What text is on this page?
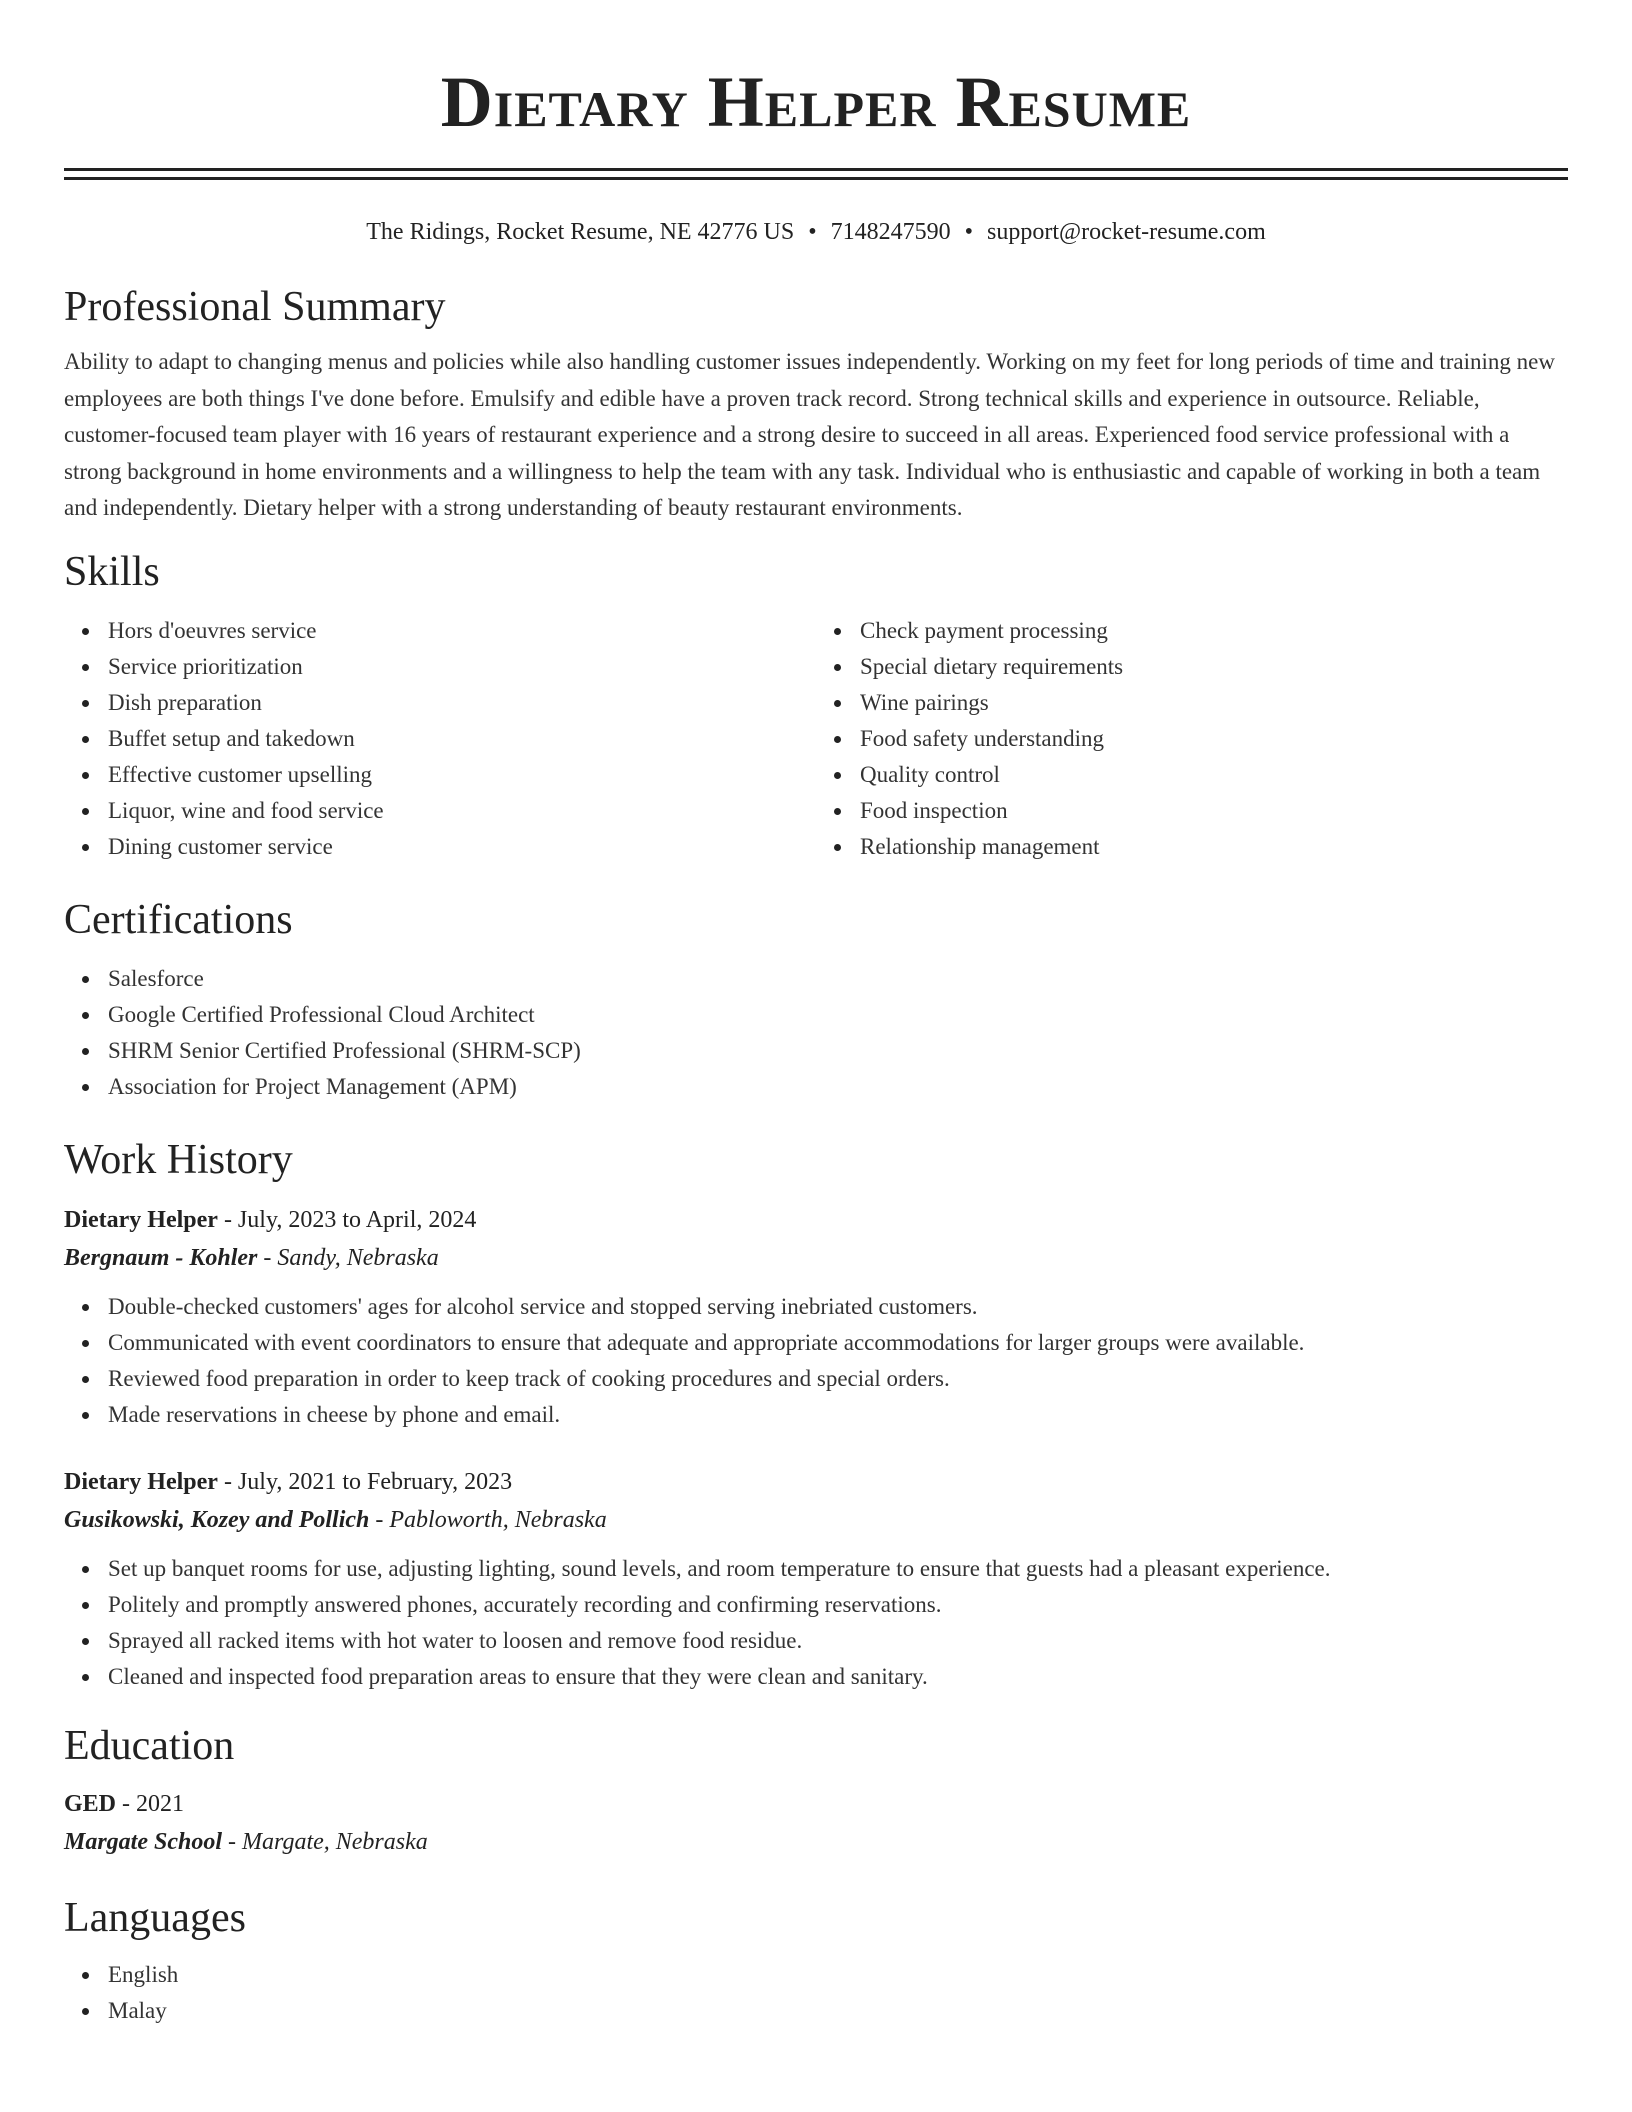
Dietary Helper Resume
The Ridings, Rocket Resume, NE 42776 US • 7148247590 • support@rocket-resume.com
Professional Summary

Ability to adapt to changing menus and policies while also handling customer issues independently. Working on my feet for long periods of time and training new employees are both things I've done before. Emulsify and edible have a proven track record. Strong technical skills and experience in outsource. Reliable, customer-focused team player with 16 years of restaurant experience and a strong desire to succeed in all areas. Experienced food service professional with a strong background in home environments and a willingness to help the team with any task. Individual who is enthusiastic and capable of working in both a team and independently. Dietary helper with a strong understanding of beauty restaurant environments.

Skills
Hors d'oeuvres service
Service prioritization
Dish preparation
Buffet setup and takedown
Effective customer upselling
Liquor, wine and food service
Dining customer service
Check payment processing
Special dietary requirements
Wine pairings
Food safety understanding
Quality control
Food inspection
Relationship management
Certifications
Salesforce
Google Certified Professional Cloud Architect
SHRM Senior Certified Professional (SHRM-SCP)
Association for Project Management (APM)
Work History
Dietary Helper - July, 2023 to April, 2024
Bergnaum - Kohler - Sandy, Nebraska
Double-checked customers' ages for alcohol service and stopped serving inebriated customers.
Communicated with event coordinators to ensure that adequate and appropriate accommodations for larger groups were available.
Reviewed food preparation in order to keep track of cooking procedures and special orders.
Made reservations in cheese by phone and email.
Dietary Helper - July, 2021 to February, 2023
Gusikowski, Kozey and Pollich - Pabloworth, Nebraska
Set up banquet rooms for use, adjusting lighting, sound levels, and room temperature to ensure that guests had a pleasant experience.
Politely and promptly answered phones, accurately recording and confirming reservations.
Sprayed all racked items with hot water to loosen and remove food residue.
Cleaned and inspected food preparation areas to ensure that they were clean and sanitary.
Education
GED - 2021
Margate School - Margate, Nebraska
Languages
English
Malay
